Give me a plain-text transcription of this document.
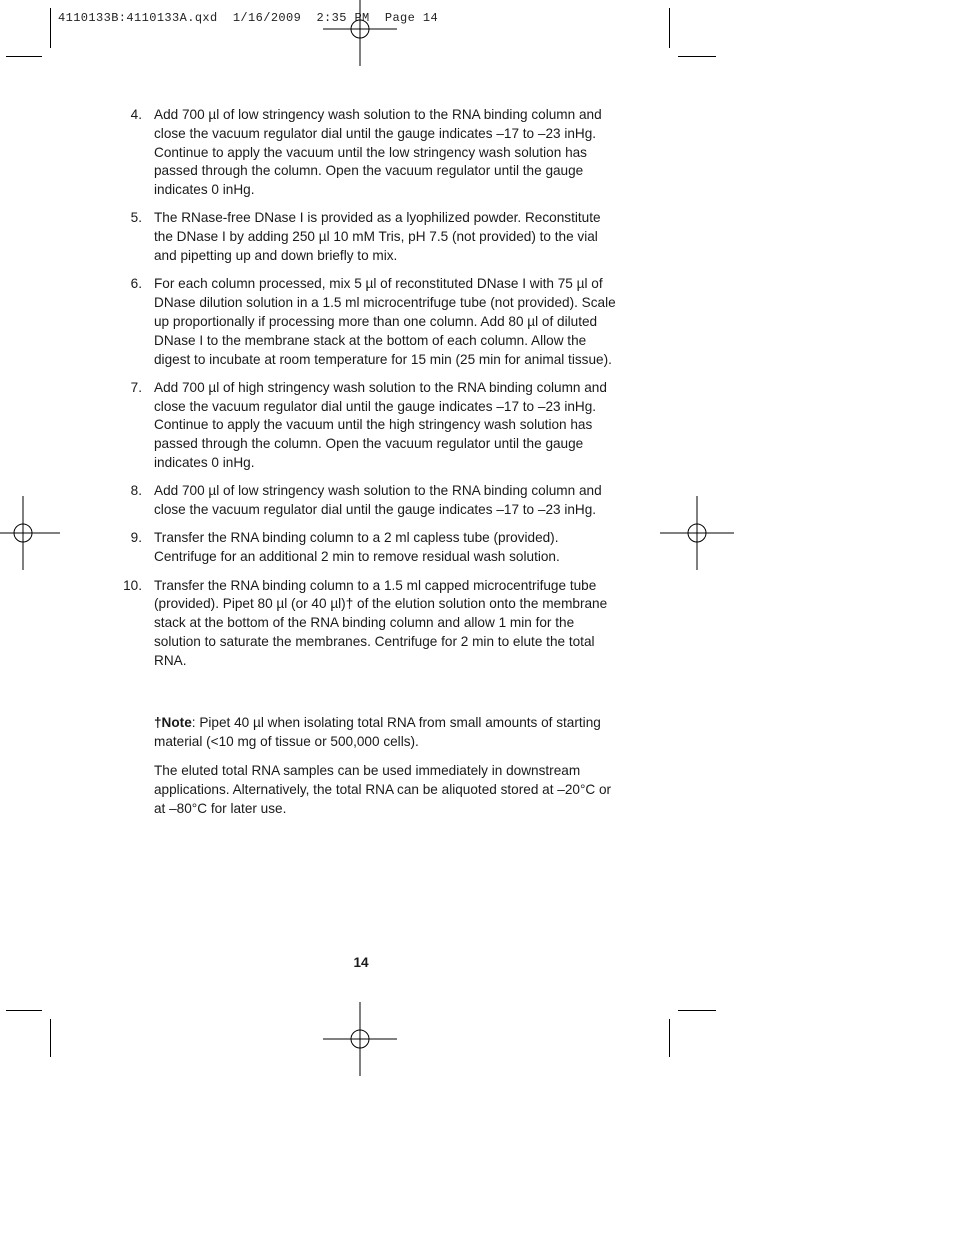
4110133B:4110133A.qxd  1/16/2009  2:35 PM  Page 14
4. Add 700 µl of low stringency wash solution to the RNA binding column and close the vacuum regulator dial until the gauge indicates –17 to –23 inHg. Continue to apply the vacuum until the low stringency wash solution has passed through the column. Open the vacuum regulator until the gauge indicates 0 inHg.

5. The RNase-free DNase I is provided as a lyophilized powder. Reconstitute the DNase I by adding 250 µl 10 mM Tris, pH 7.5 (not provided) to the vial and pipetting up and down briefly to mix.

6. For each column processed, mix 5 µl of reconstituted DNase I with 75 µl of DNase dilution solution in a 1.5 ml microcentrifuge tube (not provided). Scale up proportionally if processing more than one column. Add 80 µl of diluted DNase I to the membrane stack at the bottom of each column. Allow the digest to incubate at room temperature for 15 min (25 min for animal tissue).

7. Add 700 µl of high stringency wash solution to the RNA binding column and close the vacuum regulator dial until the gauge indicates –17 to –23 inHg. Continue to apply the vacuum until the high stringency wash solution has passed through the column. Open the vacuum regulator until the gauge indicates 0 inHg.

8. Add 700 µl of low stringency wash solution to the RNA binding column and close the vacuum regulator dial until the gauge indicates –17 to –23 inHg.

9. Transfer the RNA binding column to a 2 ml capless tube (provided). Centrifuge for an additional 2 min to remove residual wash solution.

10. Transfer the RNA binding column to a 1.5 ml capped microcentrifuge tube (provided). Pipet 80 µl (or 40 µl)† of the elution solution onto the membrane stack at the bottom of the RNA binding column and allow 1 min for the solution to saturate the membranes. Centrifuge for 2 min to elute the total RNA.

†Note: Pipet 40 µl when isolating total RNA from small amounts of starting material (<10 mg of tissue or 500,000 cells).

The eluted total RNA samples can be used immediately in downstream applications. Alternatively, the total RNA can be aliquoted stored at –20°C or at –80°C for later use.

14
